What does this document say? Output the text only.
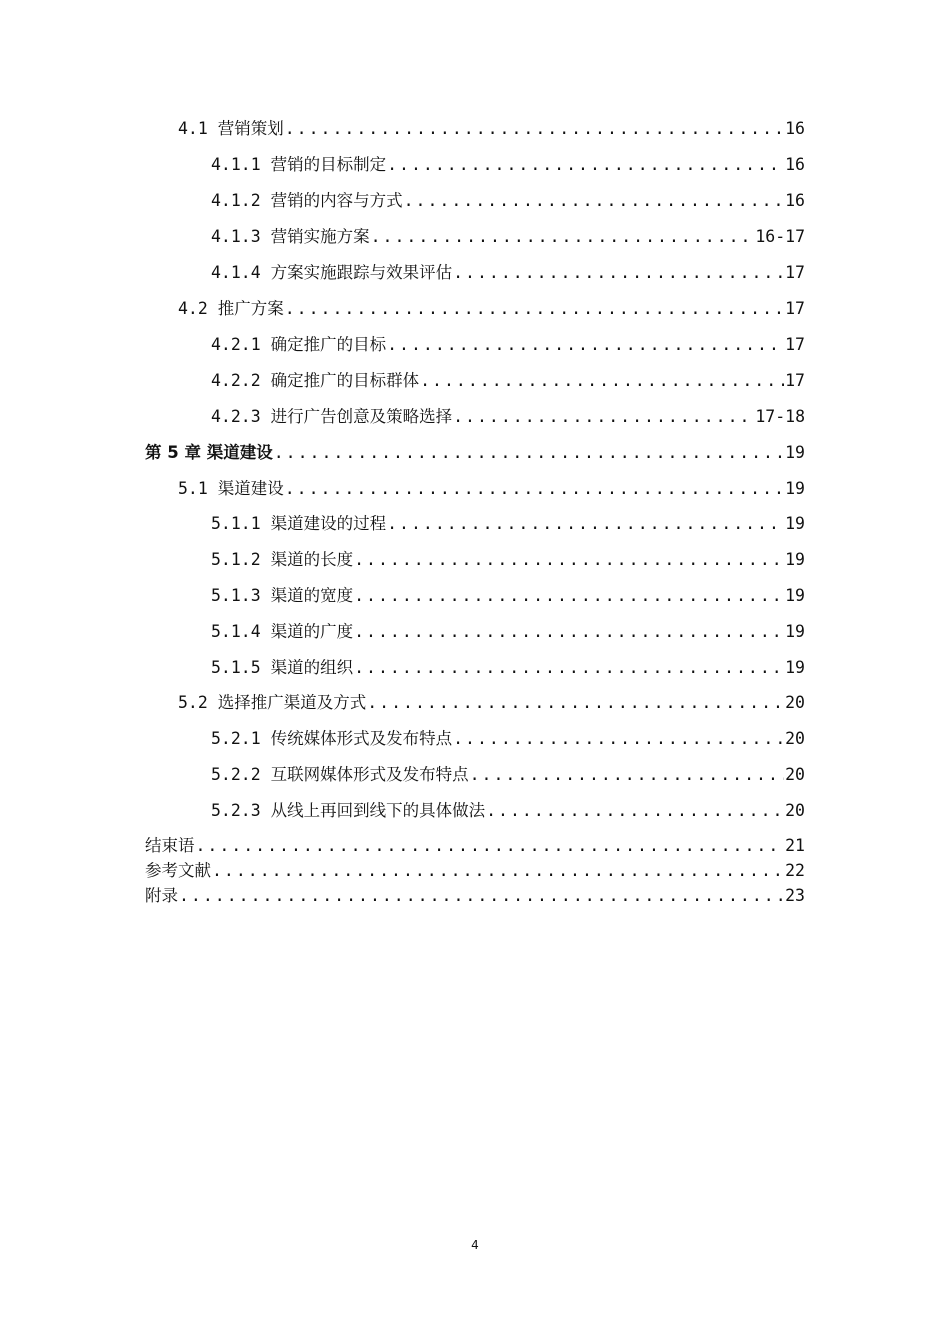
4.1 营销策划 .....	16
4.1.1 营销的目标制定 .....	16
4.1.2 营销的内容与方式 .....	16
4.1.3 营销实施方案 .....	16-17
4.1.4 方案实施跟踪与效果评估 .....	17
4.2 推广方案 .....	17
4.2.1 确定推广的目标 .....	17
4.2.2 确定推广的目标群体 .....	17
4.2.3 进行广告创意及策略选择 .....	17-18
第 5 章 渠道建设 .....	19
5.1 渠道建设 .....	19
5.1.1 渠道建设的过程 .....	19
5.1.2 渠道的长度 .....	19
5.1.3 渠道的宽度 .....	19
5.1.4 渠道的广度 .....	19
5.1.5 渠道的组织 .....	19
5.2 选择推广渠道及方式 .....	20
5.2.1 传统媒体形式及发布特点 .....	20
5.2.2 互联网媒体形式及发布特点 .....	20
5.2.3 从线上再回到线下的具体做法 .....	20
结束语 .....	21
参考文献 .....	22
附录 .....	23
4
